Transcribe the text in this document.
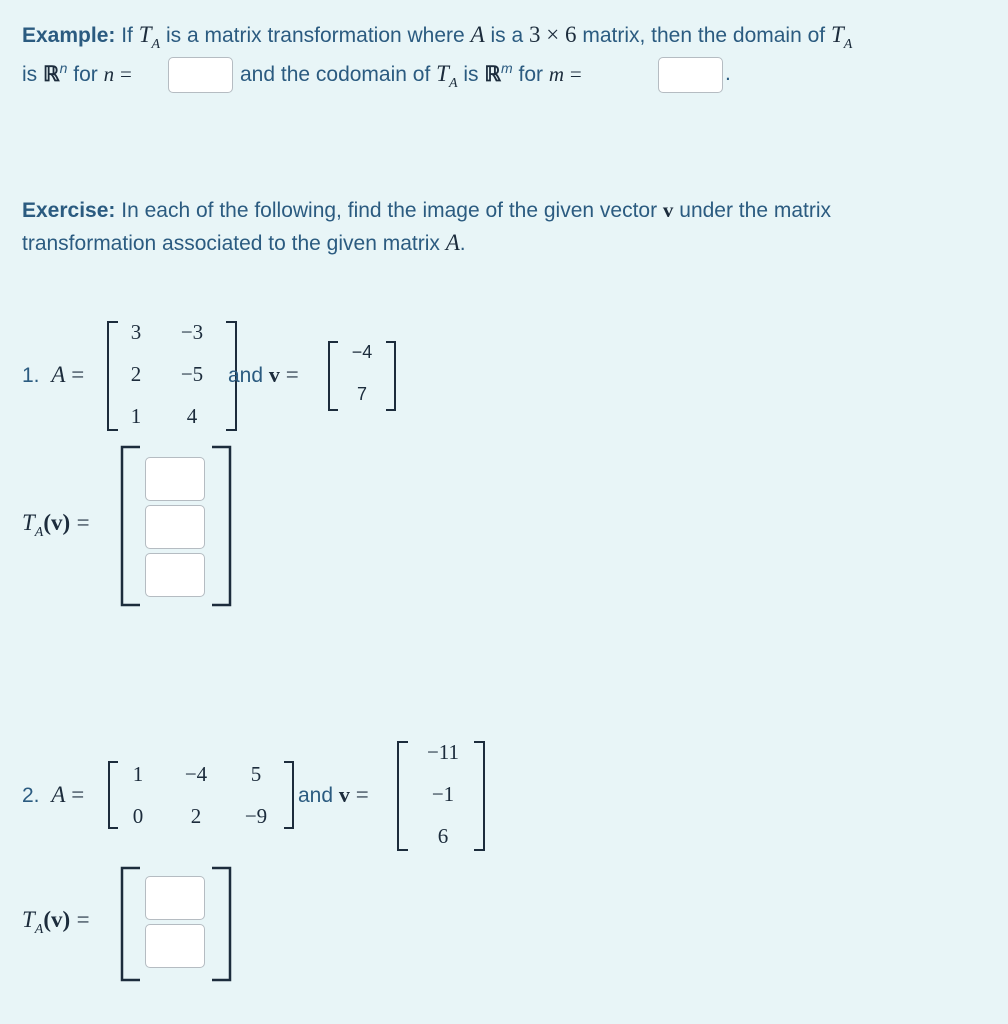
Example: If $T_A$ is a matrix transformation where A is a 3 × 6 matrix, then the domain of $T_A$
is ℝ$^n$ for n =	and the codomain of $T_A$ is ℝ$^m$ for m =	.
Exercise: In each of the following, find the image of the given vector v under the matrix
transformation associated to the given matrix A.
1. A =
3	−3
2	−5
1	4
and v =
−4
7
$T_A(v)$ =
2. A =
1	−4	5
0	2	−9
and v =
−11
−1
6
$T_A(v)$ =
